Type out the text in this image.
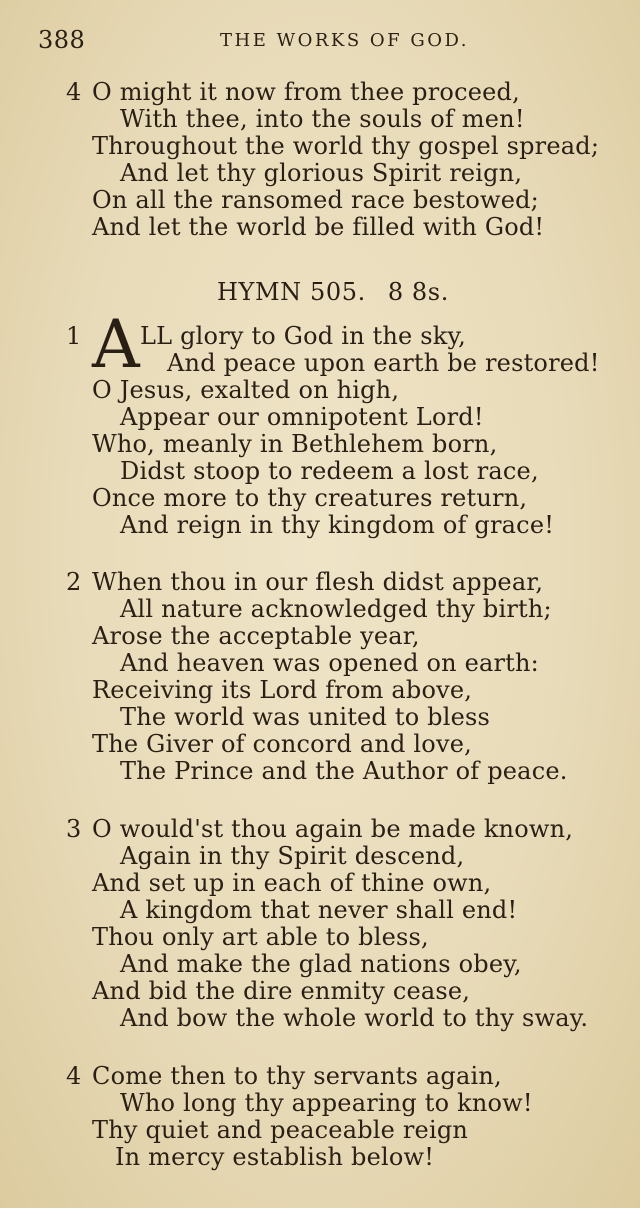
388	THE WORKS OF GOD.
4 O might it now from thee proceed,
With thee, into the souls of men!
Throughout the world thy gospel spread;
And let thy glorious Spirit reign,
On all the ransomed race bestowed;
And let the world be filled with God!
HYMN 505. 8 8s.
1 A LL glory to God in the sky,
And peace upon earth be restored!
O Jesus, exalted on high,
Appear our omnipotent Lord!
Who, meanly in Bethlehem born,
Didst stoop to redeem a lost race,
Once more to thy creatures return,
And reign in thy kingdom of grace!
2 When thou in our flesh didst appear,
All nature acknowledged thy birth;
Arose the acceptable year,
And heaven was opened on earth:
Receiving its Lord from above,
The world was united to bless
The Giver of concord and love,
The Prince and the Author of peace.
3 O would'st thou again be made known,
Again in thy Spirit descend,
And set up in each of thine own,
A kingdom that never shall end!
Thou only art able to bless,
And make the glad nations obey,
And bid the dire enmity cease,
And bow the whole world to thy sway.
4 Come then to thy servants again,
Who long thy appearing to know!
Thy quiet and peaceable reign
In mercy establish below!
